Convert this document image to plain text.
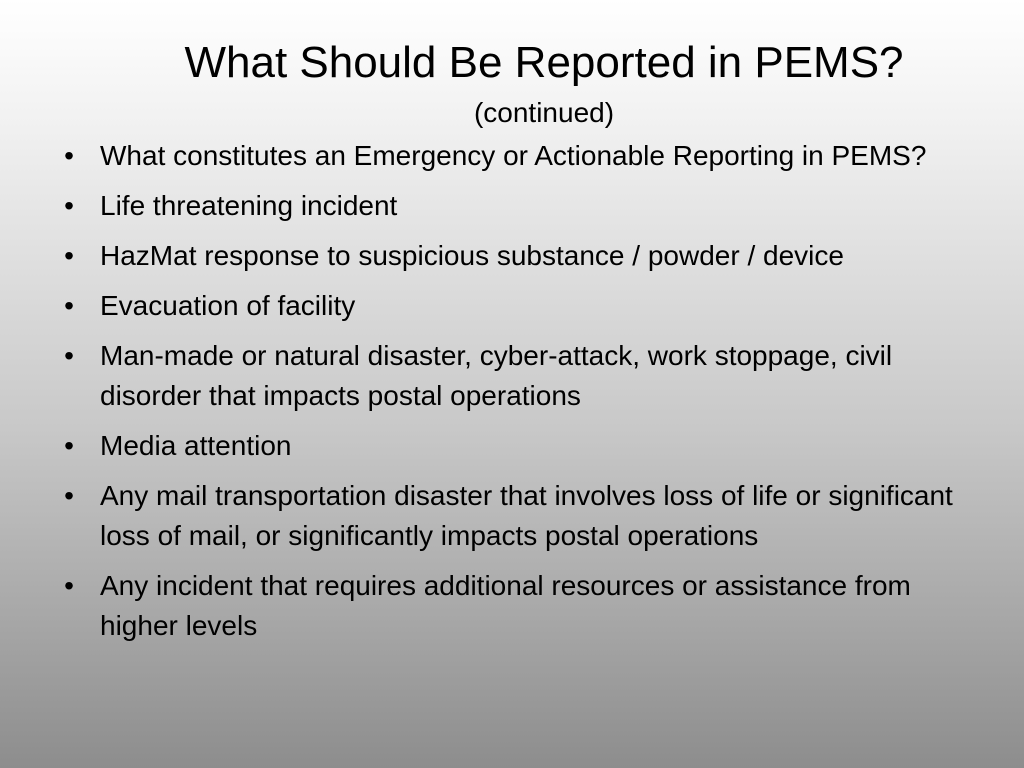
What Should Be Reported in PEMS?
(continued)
• What constitutes an Emergency or Actionable Reporting in PEMS?
• Life threatening incident
• HazMat response to suspicious substance / powder / device
• Evacuation of facility
• Man-made or natural disaster, cyber-attack, work stoppage, civil disorder that impacts postal operations
• Media attention
• Any mail transportation disaster that involves loss of life or significant loss of mail, or significantly impacts postal operations
• Any incident that requires additional resources or assistance from higher levels
